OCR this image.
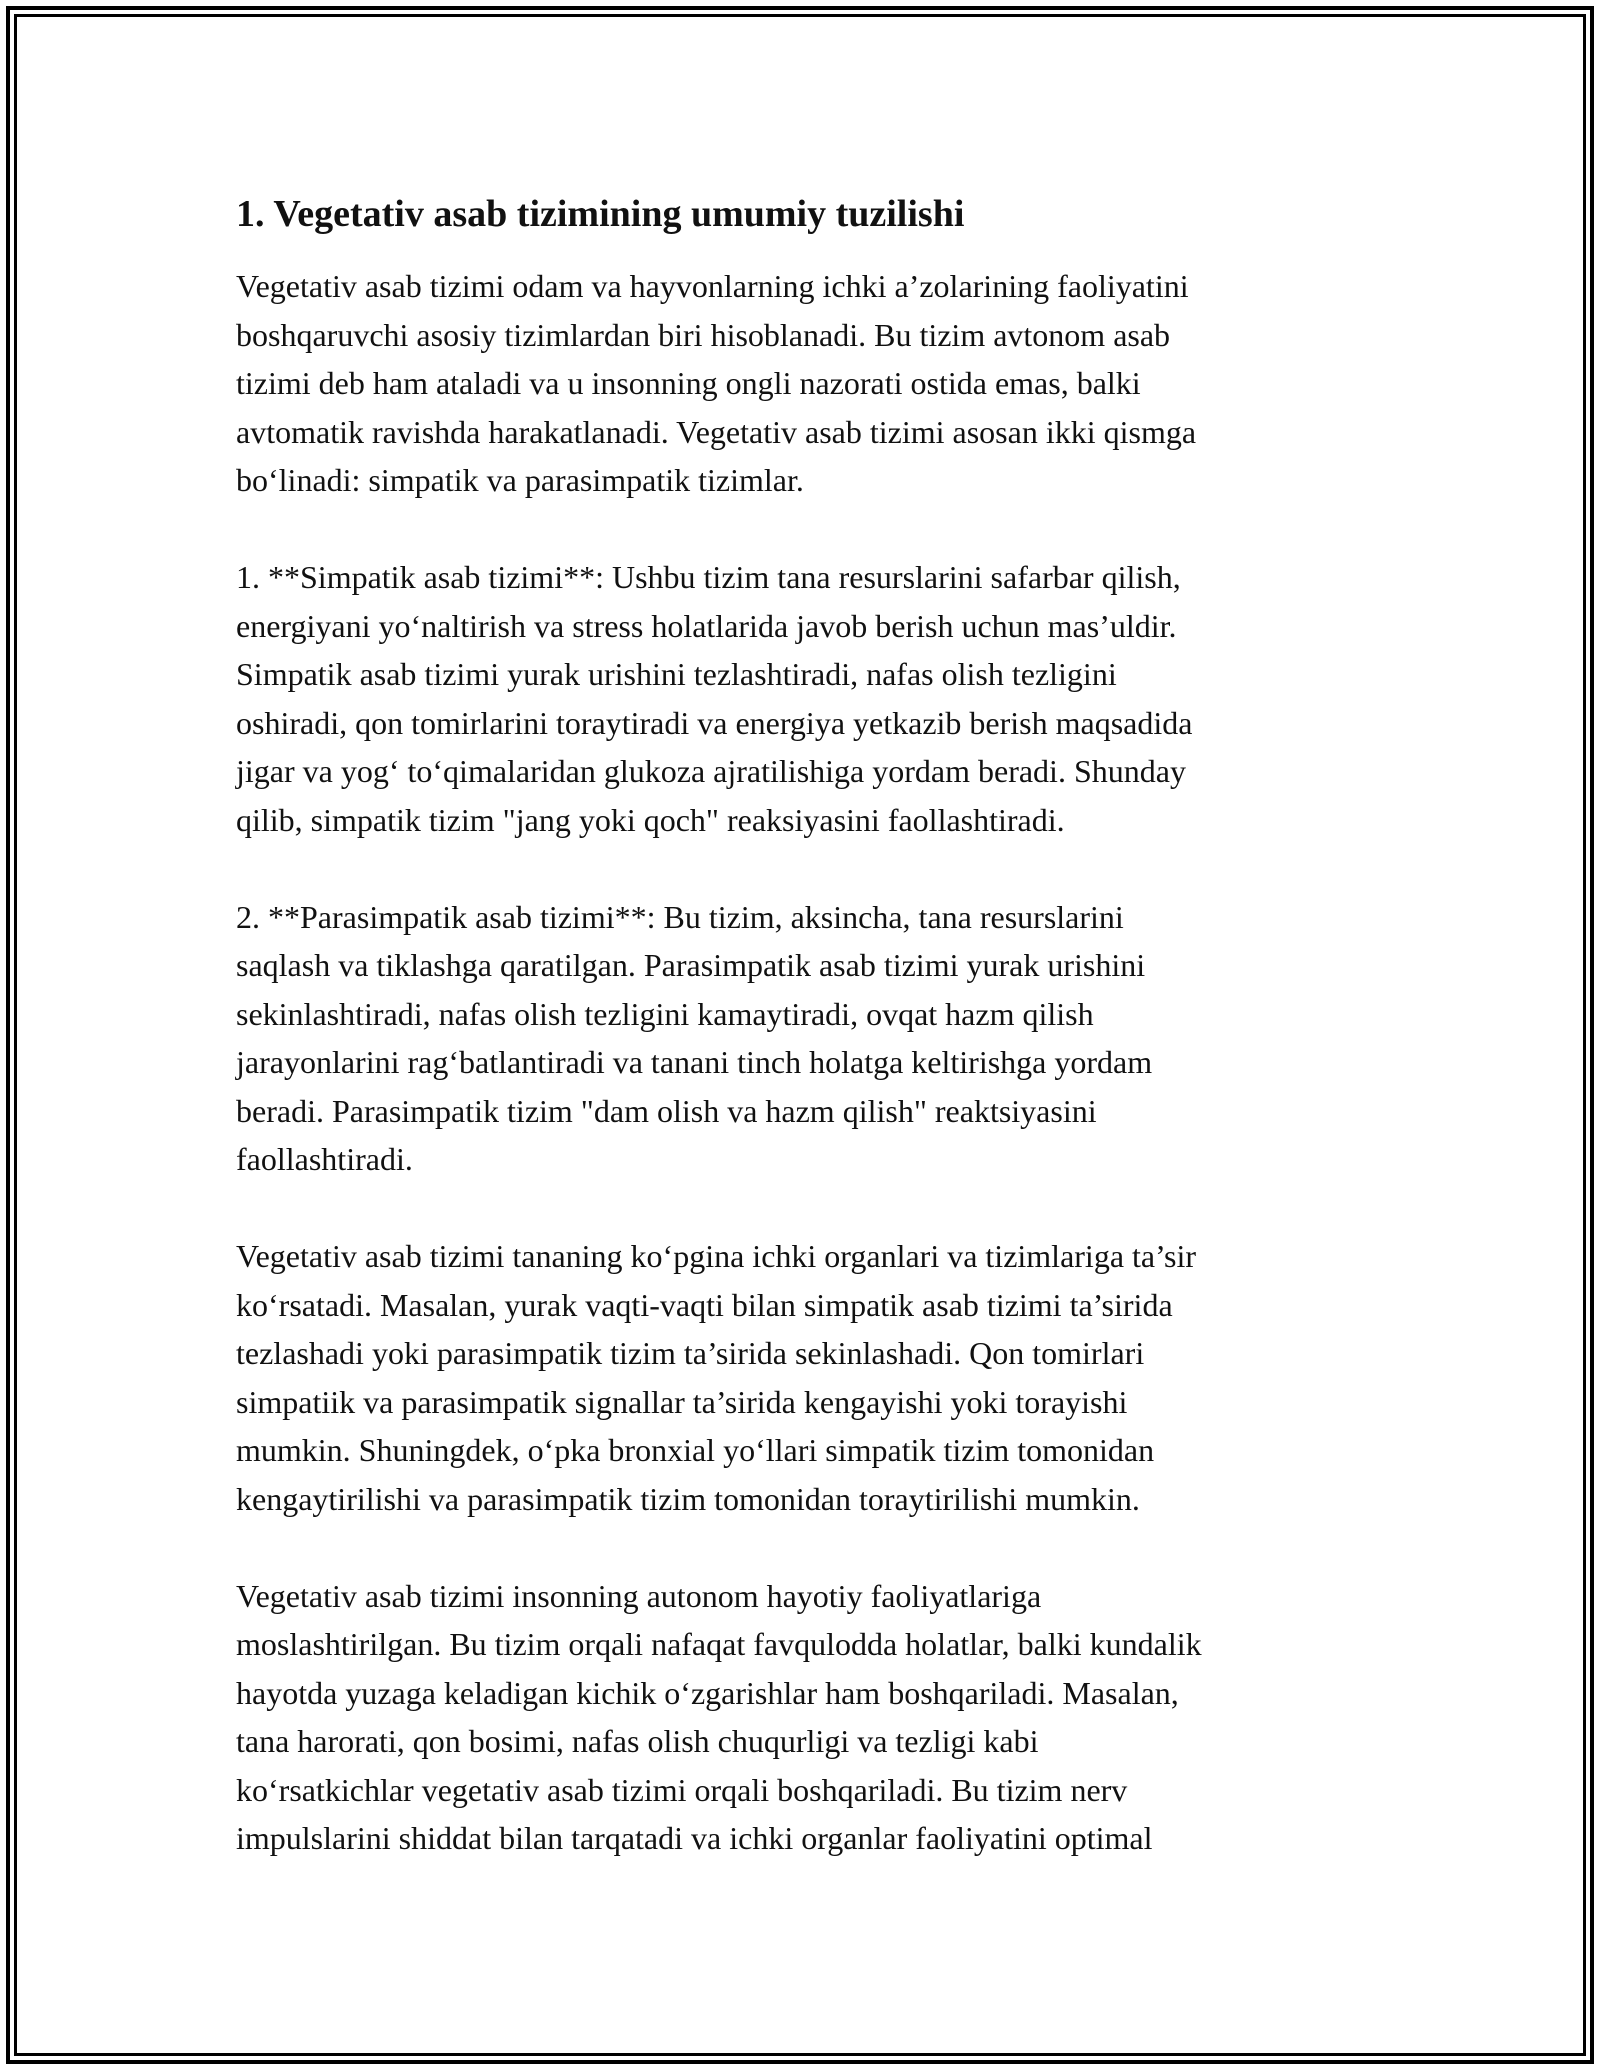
1. Vegetativ asab tizimining umumiy tuzilishi
Vegetativ asab tizimi odam va hayvonlarning ichki a’zolarining faoliyatini
boshqaruvchi asosiy tizimlardan biri hisoblanadi. Bu tizim avtonom asab
tizimi deb ham ataladi va u insonning ongli nazorati ostida emas, balki
avtomatik ravishda harakatlanadi. Vegetativ asab tizimi asosan ikki qismga
bo‘linadi: simpatik va parasimpatik tizimlar.
1. **Simpatik asab tizimi**: Ushbu tizim tana resurslarini safarbar qilish,
energiyani yo‘naltirish va stress holatlarida javob berish uchun mas’uldir.
Simpatik asab tizimi yurak urishini tezlashtiradi, nafas olish tezligini
oshiradi, qon tomirlarini toraytiradi va energiya yetkazib berish maqsadida
jigar va yog‘ to‘qimalaridan glukoza ajratilishiga yordam beradi. Shunday
qilib, simpatik tizim "jang yoki qoch" reaksiyasini faollashtiradi.
2. **Parasimpatik asab tizimi**: Bu tizim, aksincha, tana resurslarini
saqlash va tiklashga qaratilgan. Parasimpatik asab tizimi yurak urishini
sekinlashtiradi, nafas olish tezligini kamaytiradi, ovqat hazm qilish
jarayonlarini rag‘batlantiradi va tanani tinch holatga keltirishga yordam
beradi. Parasimpatik tizim "dam olish va hazm qilish" reaktsiyasini
faollashtiradi.
Vegetativ asab tizimi tananing ko‘pgina ichki organlari va tizimlariga ta’sir
ko‘rsatadi. Masalan, yurak vaqti-vaqti bilan simpatik asab tizimi ta’sirida
tezlashadi yoki parasimpatik tizim ta’sirida sekinlashadi. Qon tomirlari
simpatiik va parasimpatik signallar ta’sirida kengayishi yoki torayishi
mumkin. Shuningdek, o‘pka bronxial yo‘llari simpatik tizim tomonidan
kengaytirilishi va parasimpatik tizim tomonidan toraytirilishi mumkin.
Vegetativ asab tizimi insonning autonom hayotiy faoliyatlariga
moslashtirilgan. Bu tizim orqali nafaqat favqulodda holatlar, balki kundalik
hayotda yuzaga keladigan kichik o‘zgarishlar ham boshqariladi. Masalan,
tana harorati, qon bosimi, nafas olish chuqurligi va tezligi kabi
ko‘rsatkichlar vegetativ asab tizimi orqali boshqariladi. Bu tizim nerv
impulslarini shiddat bilan tarqatadi va ichki organlar faoliyatini optimal
